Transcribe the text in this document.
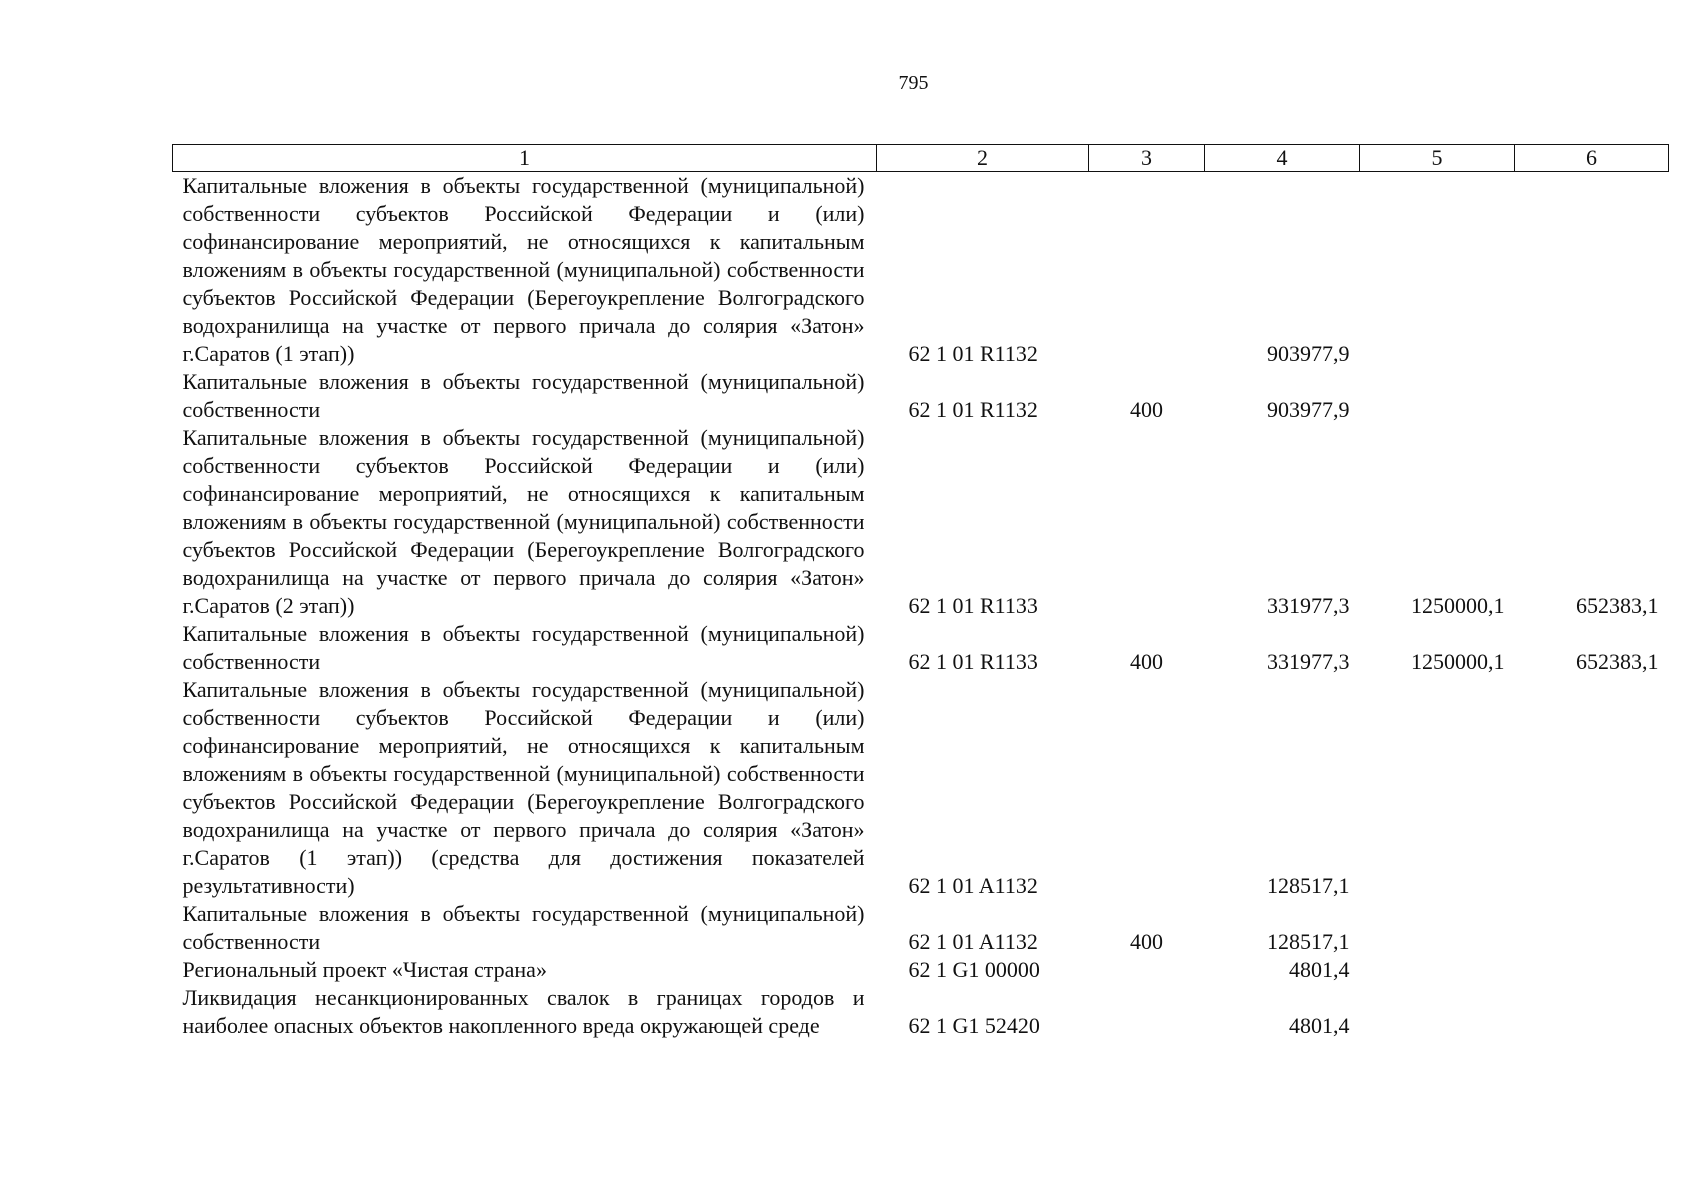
795
1	2	3	4	5	6
Капитальные вложения в объекты государственной (муниципальной) собственности субъектов Российской Федерации и (или) софинансирование мероприятий, не относящихся к капитальным вложениям в объекты государственной (муниципальной) собственности субъектов Российской Федерации (Берегоукрепление Волгоградского водохранилища на участке от первого причала до солярия «Затон» г.Саратов (1 этап))	62 1 01 R1132		903977,9		
Капитальные вложения в объекты государственной (муниципальной) собственности	62 1 01 R1132	400	903977,9		
Капитальные вложения в объекты государственной (муниципальной) собственности субъектов Российской Федерации и (или) софинансирование мероприятий, не относящихся к капитальным вложениям в объекты государственной (муниципальной) собственности субъектов Российской Федерации (Берегоукрепление Волгоградского водохранилища на участке от первого причала до солярия «Затон» г.Саратов (2 этап))	62 1 01 R1133		331977,3	1250000,1	652383,1
Капитальные вложения в объекты государственной (муниципальной) собственности	62 1 01 R1133	400	331977,3	1250000,1	652383,1
Капитальные вложения в объекты государственной (муниципальной) собственности субъектов Российской Федерации и (или) софинансирование мероприятий, не относящихся к капитальным вложениям в объекты государственной (муниципальной) собственности субъектов Российской Федерации (Берегоукрепление Волгоградского водохранилища на участке от первого причала до солярия «Затон» г.Саратов (1 этап)) (средства для достижения показателей результативности)	62 1 01 A1132		128517,1		
Капитальные вложения в объекты государственной (муниципальной) собственности	62 1 01 A1132	400	128517,1		
Региональный проект «Чистая страна»	62 1 G1 00000		4801,4		
Ликвидация несанкционированных свалок в границах городов и наиболее опасных объектов накопленного вреда окружающей среде	62 1 G1 52420		4801,4		
